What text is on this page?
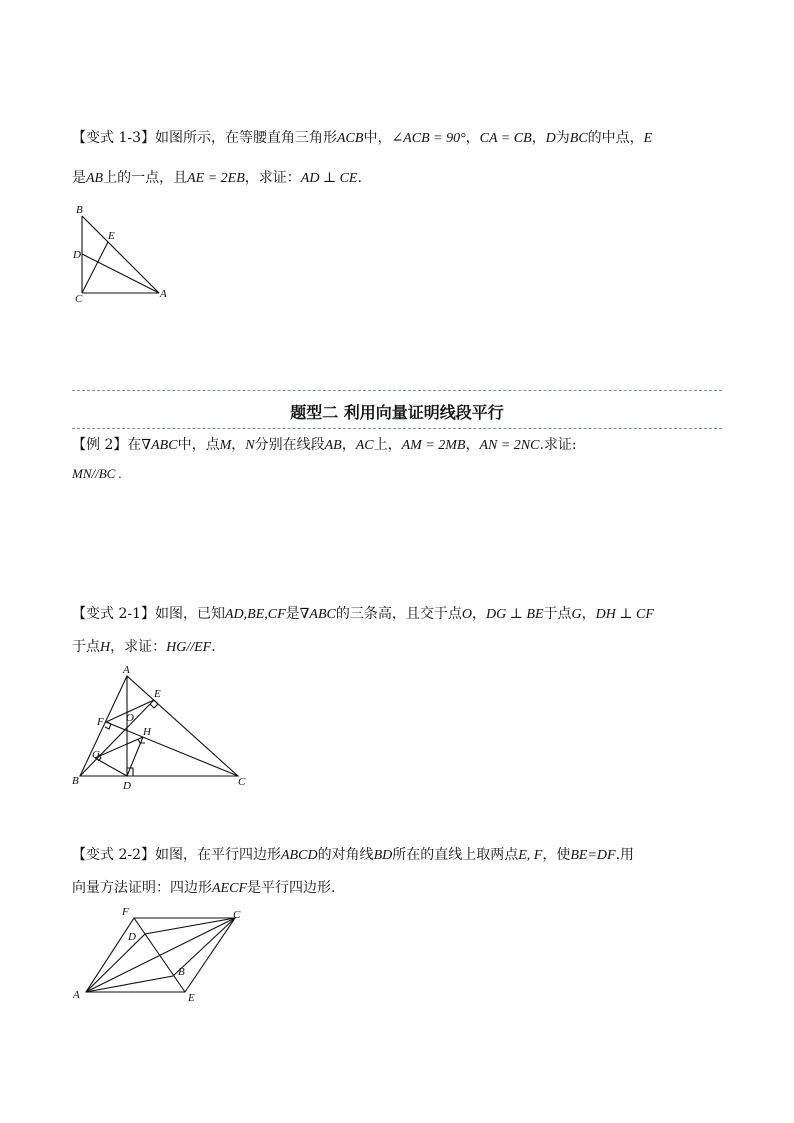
【变式 1-3】如图所示，在等腰直角三角形ACB中，∠ACB = 90°，CA = CB，D为BC的中点，E
是AB上的一点，且AE = 2EB，求证：AD ⊥ CE.
B
E
D
C	A
题型二 利用向量证明线段平行
【例 2】在∇ABC中，点M，N分别在线段AB，AC上，AM = 2MB，AN = 2NC.求证:
MN//BC .
【变式 2-1】如图，已知AD,BE,CF是∇ABC的三条高，且交于点O，DG ⊥ BE于点G，DH ⊥ CF
于点H，求证：HG//EF.
A
E
F O
H
G
B	D	C
【变式 2-2】如图，在平行四边形ABCD的对角线BD所在的直线上取两点E, F，使BE=DF.用
向量方法证明：四边形AECF是平行四边形.
F	C
D
B
A	E
